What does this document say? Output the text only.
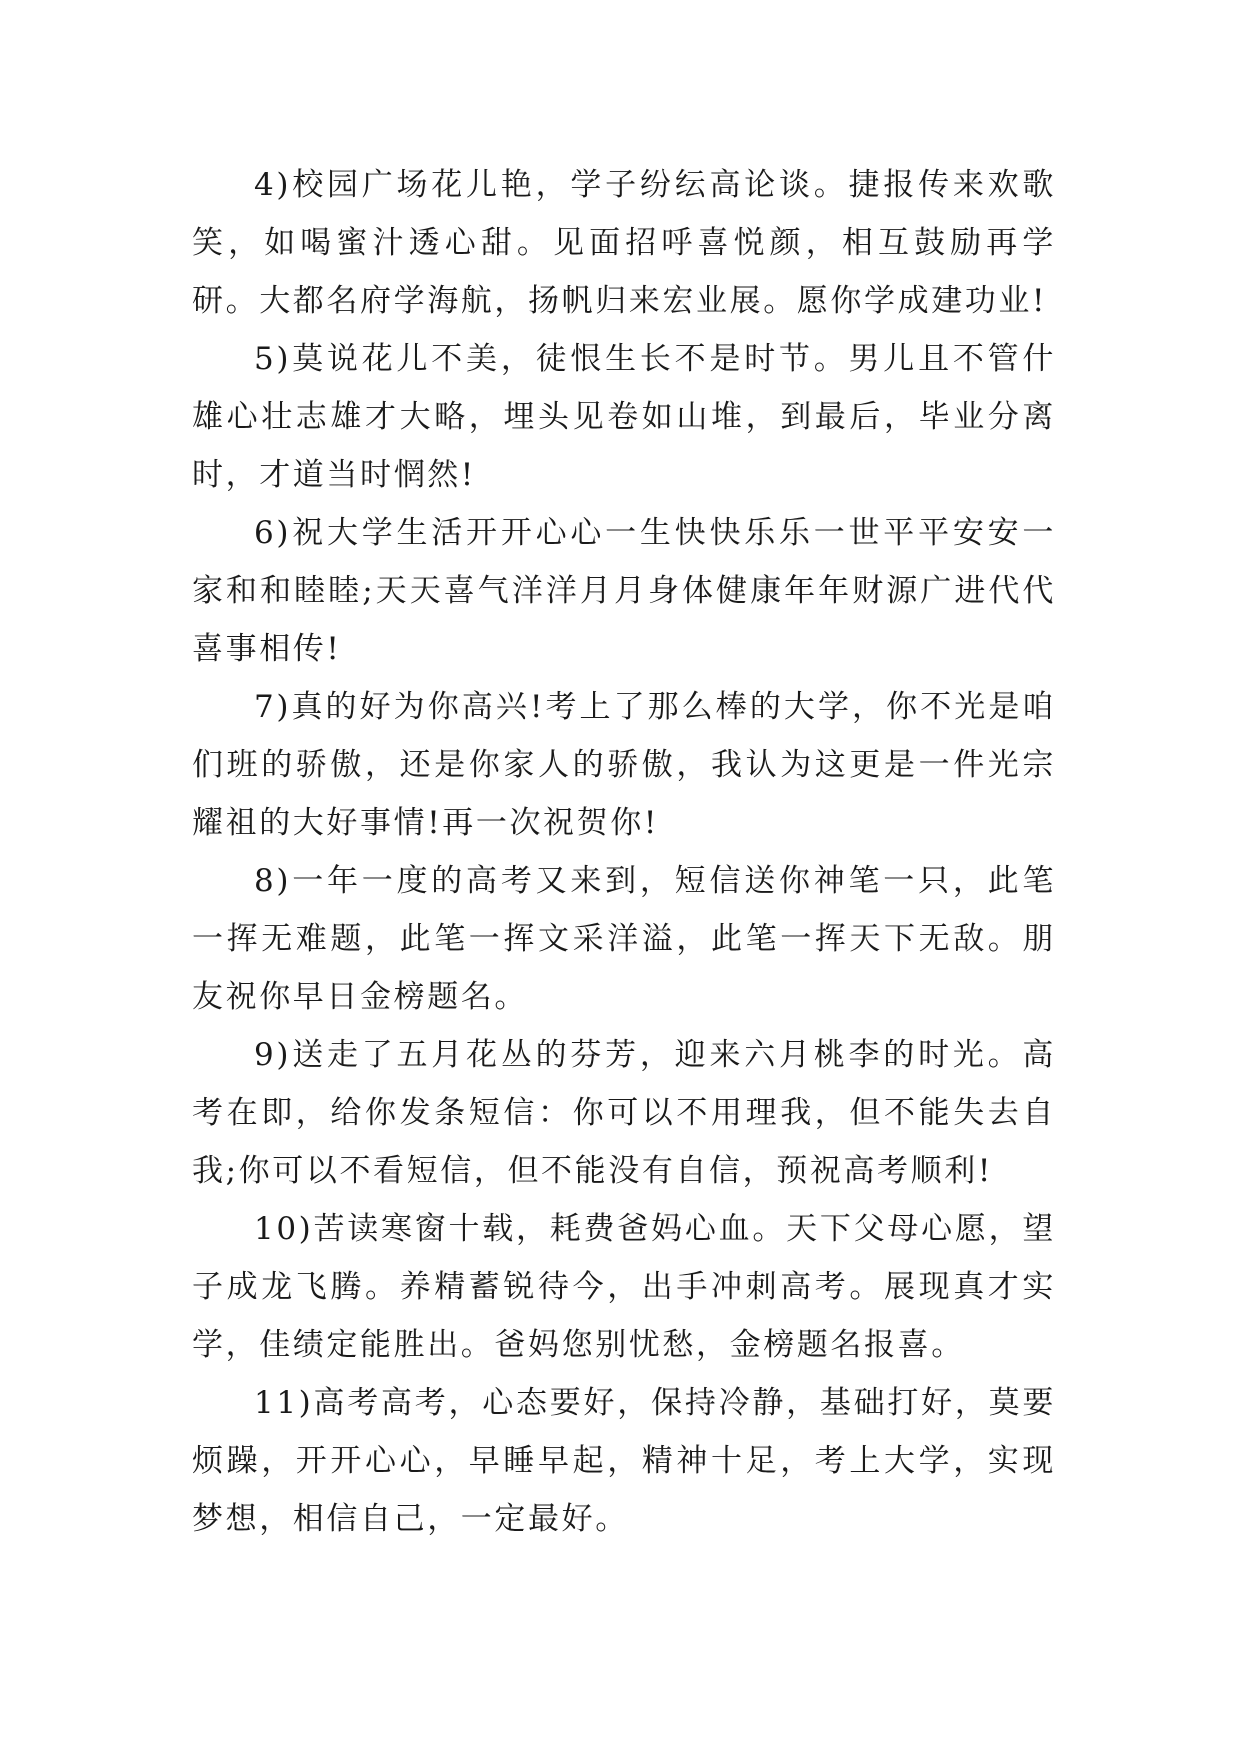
4)校园广场花儿艳，学子纷纭高论谈。捷报传来欢歌笑，如喝蜜汁透心甜。见面招呼喜悦颜，相互鼓励再学研。大都名府学海航，扬帆归来宏业展。愿你学成建功业!

5)莫说花儿不美，徒恨生长不是时节。男儿且不管什雄心壮志雄才大略，埋头见卷如山堆，到最后，毕业分离时，才道当时惘然!

6)祝大学生活开开心心一生快快乐乐一世平平安安一家和和睦睦;天天喜气洋洋月月身体健康年年财源广进代代喜事相传!

7)真的好为你高兴!考上了那么棒的大学，你不光是咱们班的骄傲，还是你家人的骄傲，我认为这更是一件光宗耀祖的大好事情!再一次祝贺你!

8)一年一度的高考又来到，短信送你神笔一只，此笔一挥无难题，此笔一挥文采洋溢，此笔一挥天下无敌。朋友祝你早日金榜题名。

9)送走了五月花丛的芬芳，迎来六月桃李的时光。高考在即，给你发条短信：你可以不用理我，但不能失去自我;你可以不看短信，但不能没有自信，预祝高考顺利!

10)苦读寒窗十载，耗费爸妈心血。天下父母心愿，望子成龙飞腾。养精蓄锐待今，出手冲刺高考。展现真才实学，佳绩定能胜出。爸妈您别忧愁，金榜题名报喜。

11)高考高考，心态要好，保持冷静，基础打好，莫要烦躁，开开心心，早睡早起，精神十足，考上大学，实现梦想，相信自己，一定最好。
